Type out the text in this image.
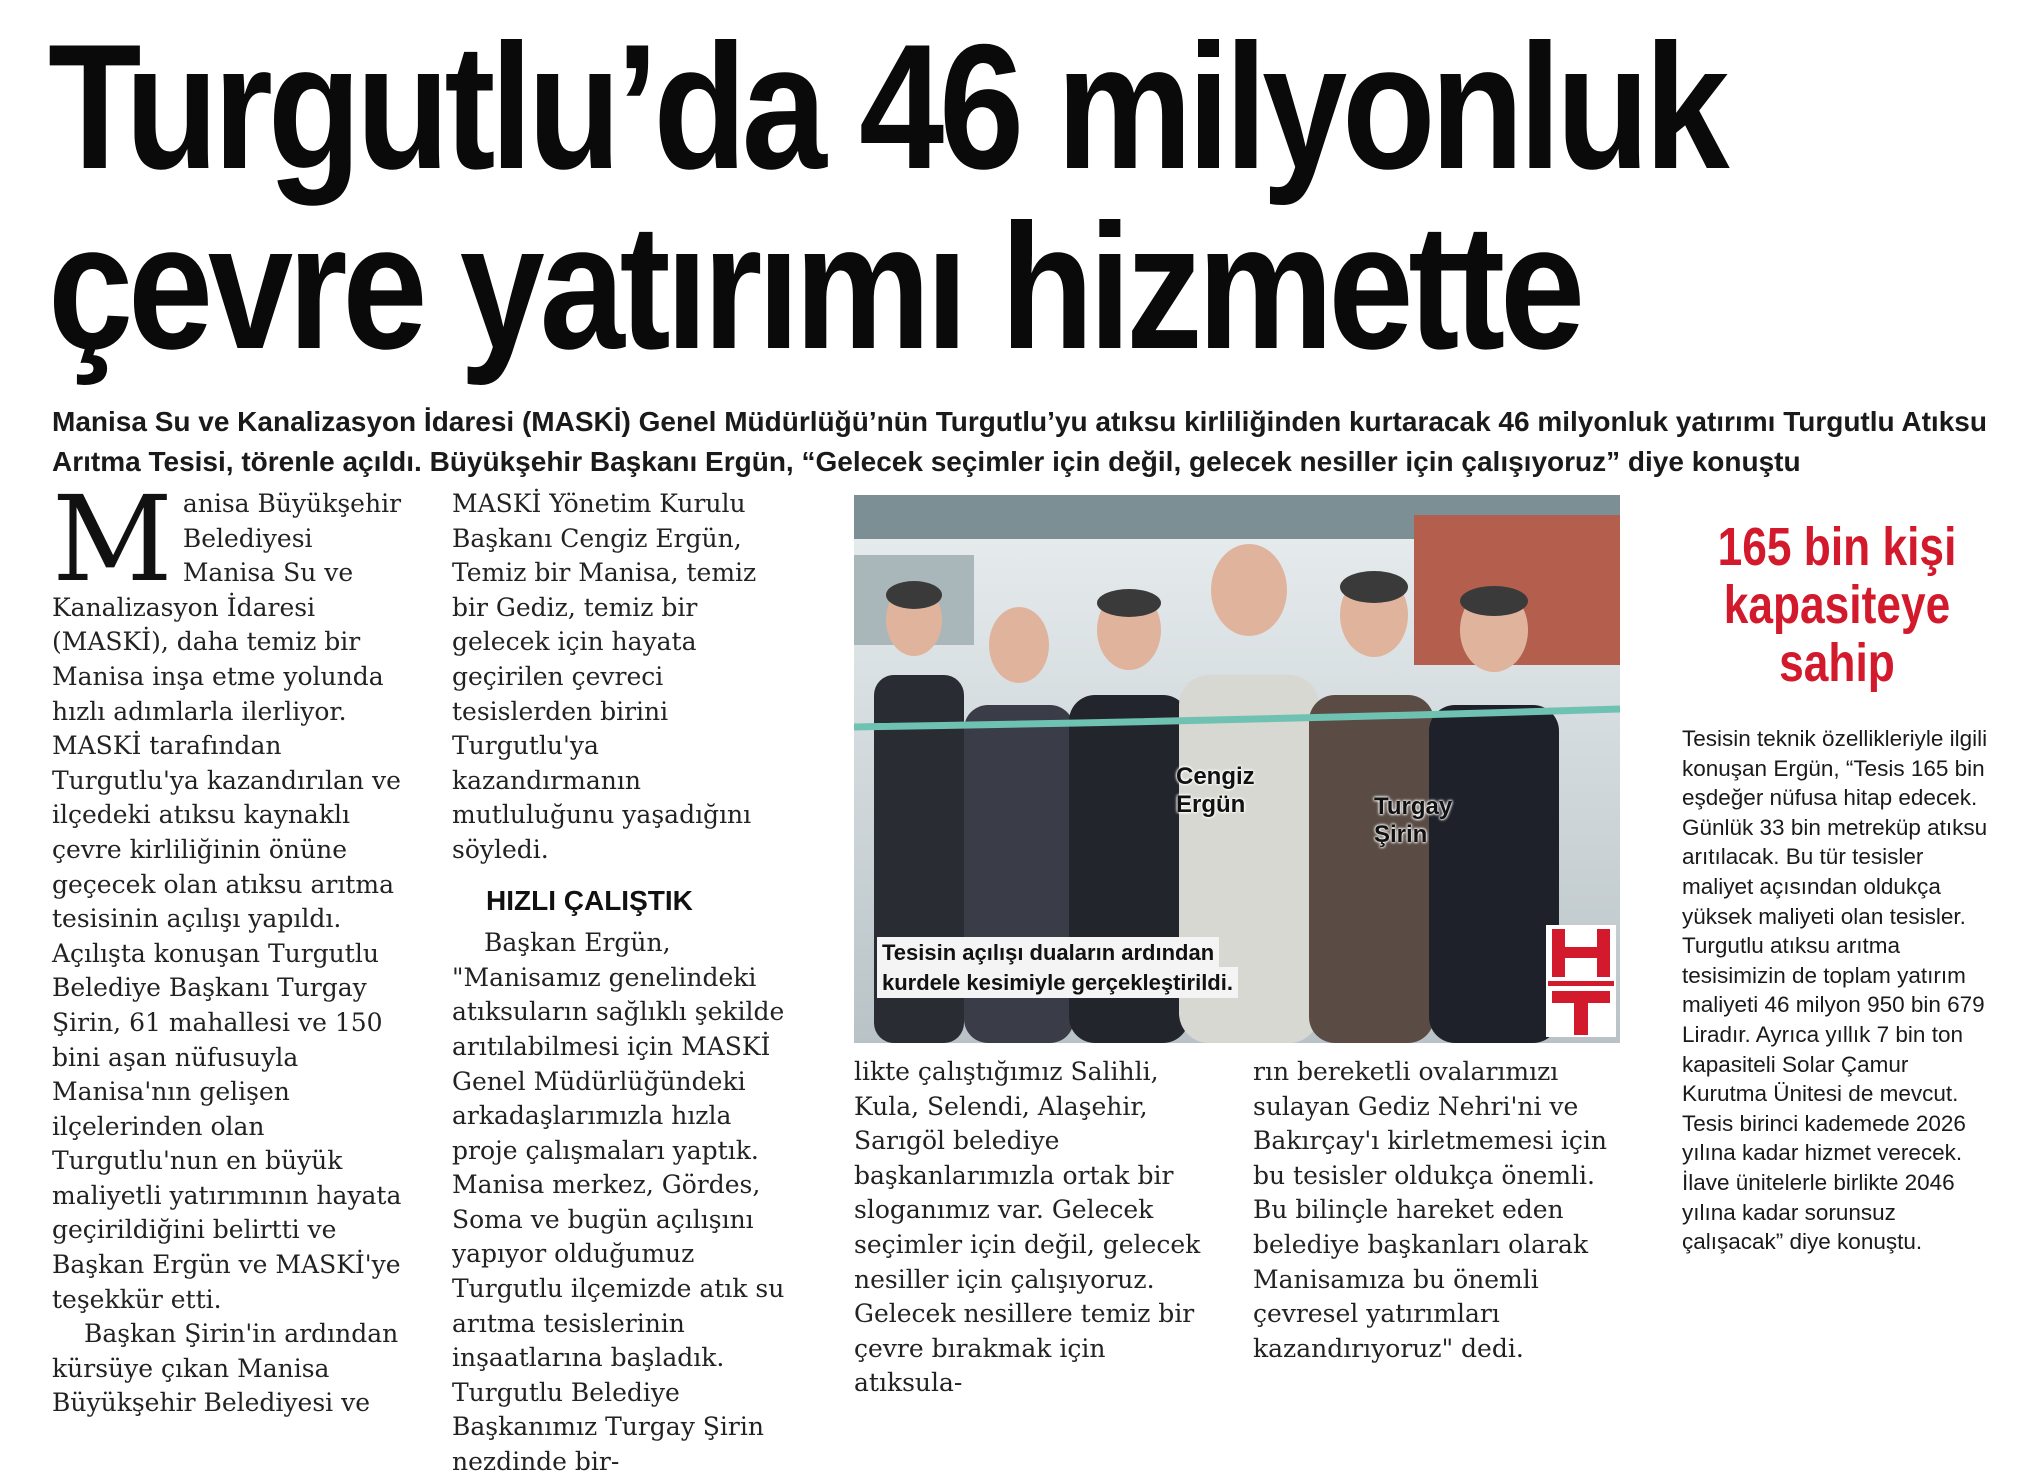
Turgutlu’da 46 milyonluk
çevre yatırımı hizmette

Manisa Su ve Kanalizasyon İdaresi (MASKİ) Genel Müdürlüğü’nün Turgutlu’yu atıksu kirliliğinden kurtaracak 46 milyonluk yatırımı Turgutlu Atıksu Arıtma Tesisi, törenle açıldı. Büyükşehir Başkanı Ergün, “Gelecek seçimler için değil, gelecek nesiller için çalışıyoruz” diye konuştu

Manisa Büyükşehir Belediyesi Manisa Su ve Kanalizasyon İdaresi (MASKİ), daha temiz bir Manisa inşa etme yolunda hızlı adımlarla ilerliyor. MASKİ tarafından Turgutlu'ya kazandırılan ve ilçedeki atıksu kaynaklı çevre kirliliğinin önüne geçecek olan atıksu arıtma tesisinin açılışı yapıldı. Açılışta konuşan Turgutlu Belediye Başkanı Turgay Şirin, 61 mahallesi ve 150 bini aşan nüfusuyla Manisa'nın gelişen ilçelerinden olan Turgutlu'nun en büyük maliyetli yatırımının hayata geçirildiğini belirtti ve Başkan Ergün ve MASKİ'ye teşekkür etti.

Başkan Şirin'in ardından kürsüye çıkan Manisa Büyükşehir Belediyesi ve

MASKİ Yönetim Kurulu Başkanı Cengiz Ergün, Temiz bir Manisa, temiz bir Gediz, temiz bir gelecek için hayata geçirilen çevreci tesislerden birini Turgutlu'ya kazandırmanın mutluluğunu yaşadığını söyledi.

HIZLI ÇALIŞTIK

Başkan Ergün, "Manisamız genelindeki atıksuların sağlıklı şekilde arıtılabilmesi için MASKİ Genel Müdürlüğündeki arkadaşlarımızla hızla proje çalışmaları yaptık. Manisa merkez, Gördes, Soma ve bugün açılışını yapıyor olduğumuz Turgutlu ilçemizde atık su arıtma tesislerinin inşaatlarına başladık. Turgutlu Belediye Başkanımız Turgay Şirin nezdinde bir-

Cengiz Ergün	Turgay Şirin
Tesisin açılışı duaların ardından kurdele kesimiyle gerçekleştirildi.

likte çalıştığımız Salihli, Kula, Selendi, Alaşehir, Sarıgöl belediye başkanlarımızla ortak bir sloganımız var. Gelecek seçimler için değil, gelecek nesiller için çalışıyoruz. Gelecek nesillere temiz bir çevre bırakmak için atıksula-

rın bereketli ovalarımızı sulayan Gediz Nehri'ni ve Bakırçay'ı kirletmemesi için bu tesisler oldukça önemli. Bu bilinçle hareket eden belediye başkanları olarak Manisamıza bu önemli çevresel yatırımları kazandırıyoruz" dedi.

165 bin kişi kapasiteye sahip

Tesisin teknik özellikleriyle ilgili konuşan Ergün, “Tesis 165 bin eşdeğer nüfusa hitap edecek. Günlük 33 bin metreküp atıksu arıtılacak. Bu tür tesisler maliyet açısından oldukça yüksek maliyeti olan tesisler. Turgutlu atıksu arıtma tesisimizin de toplam yatırım maliyeti 46 milyon 950 bin 679 Liradır. Ayrıca yıllık 7 bin ton kapasiteli Solar Çamur Kurutma Ünitesi de mevcut. Tesis birinci kademede 2026 yılına kadar hizmet verecek. İlave ünitelerle birlikte 2046 yılına kadar sorunsuz çalışacak” diye konuştu.
